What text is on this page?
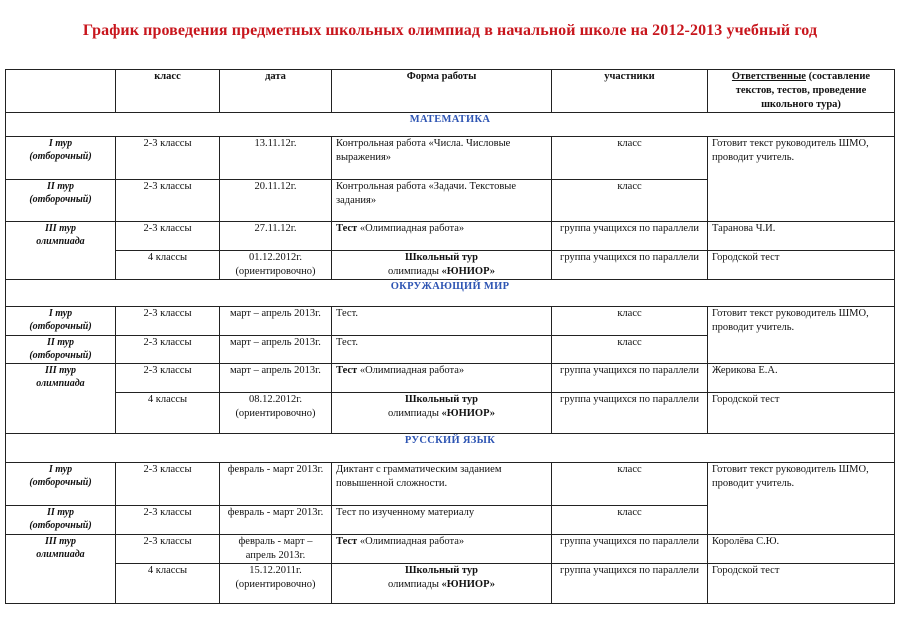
График проведения предметных школьных олимпиад в начальной школе на 2012-2013 учебный год
	класс	дата	Форма работы	участники	Ответственные (составление текстов, тестов, проведение школьного тура)
МАТЕМАТИКА					

I тур
(отборочный)	2-3 классы	13.11.12г.	Контрольная работа «Числа. Числовые выражения»	класс	Готовит текст руководитель ШМО, проводит учитель.

II тур
(отборочный)	2-3 классы	20.11.12г.	Контрольная работа «Задачи. Текстовые задания»	класс	

III тур
олимпиада	2-3 классы	27.11.12г.	Тест «Олимпиадная работа»	группа учащихся по параллели	Таранова Ч.И.
	4 классы	01.12.2012г. (ориентировочно)	Школьный тур
олимпиады «ЮНИОР»	группа учащихся по параллели	Городской тест
ОКРУЖАЮЩИЙ МИР					

I тур
(отборочный)	2-3 классы	март – апрель 2013г.	Тест.	класс	Готовит текст руководитель ШМО, проводит учитель.

II тур
(отборочный)	2-3 классы	март – апрель 2013г.	Тест.	класс	

III тур
олимпиада	2-3 классы	март – апрель 2013г.	Тест «Олимпиадная работа»	группа учащихся по параллели	Жерикова Е.А.
	4 классы	08.12.2012г. (ориентировочно)	Школьный тур
олимпиады «ЮНИОР»	группа учащихся по параллели	Городской тест
РУССКИЙ ЯЗЫК					

I тур
(отборочный)	2-3 классы	февраль - март 2013г.	Диктант с грамматическим заданием повышенной сложности.	класс	Готовит текст руководитель ШМО, проводит учитель.

II тур
(отборочный)	2-3 классы	февраль - март 2013г.	Тест по изученному материалу	класс	

III тур
олимпиада	2-3 классы	февраль - март – апрель 2013г.	Тест «Олимпиадная работа»	группа учащихся по параллели	Королёва С.Ю.
	4 классы	15.12.2011г. (ориентировочно)	Школьный тур
олимпиады «ЮНИОР»	группа учащихся по параллели	Городской тест
